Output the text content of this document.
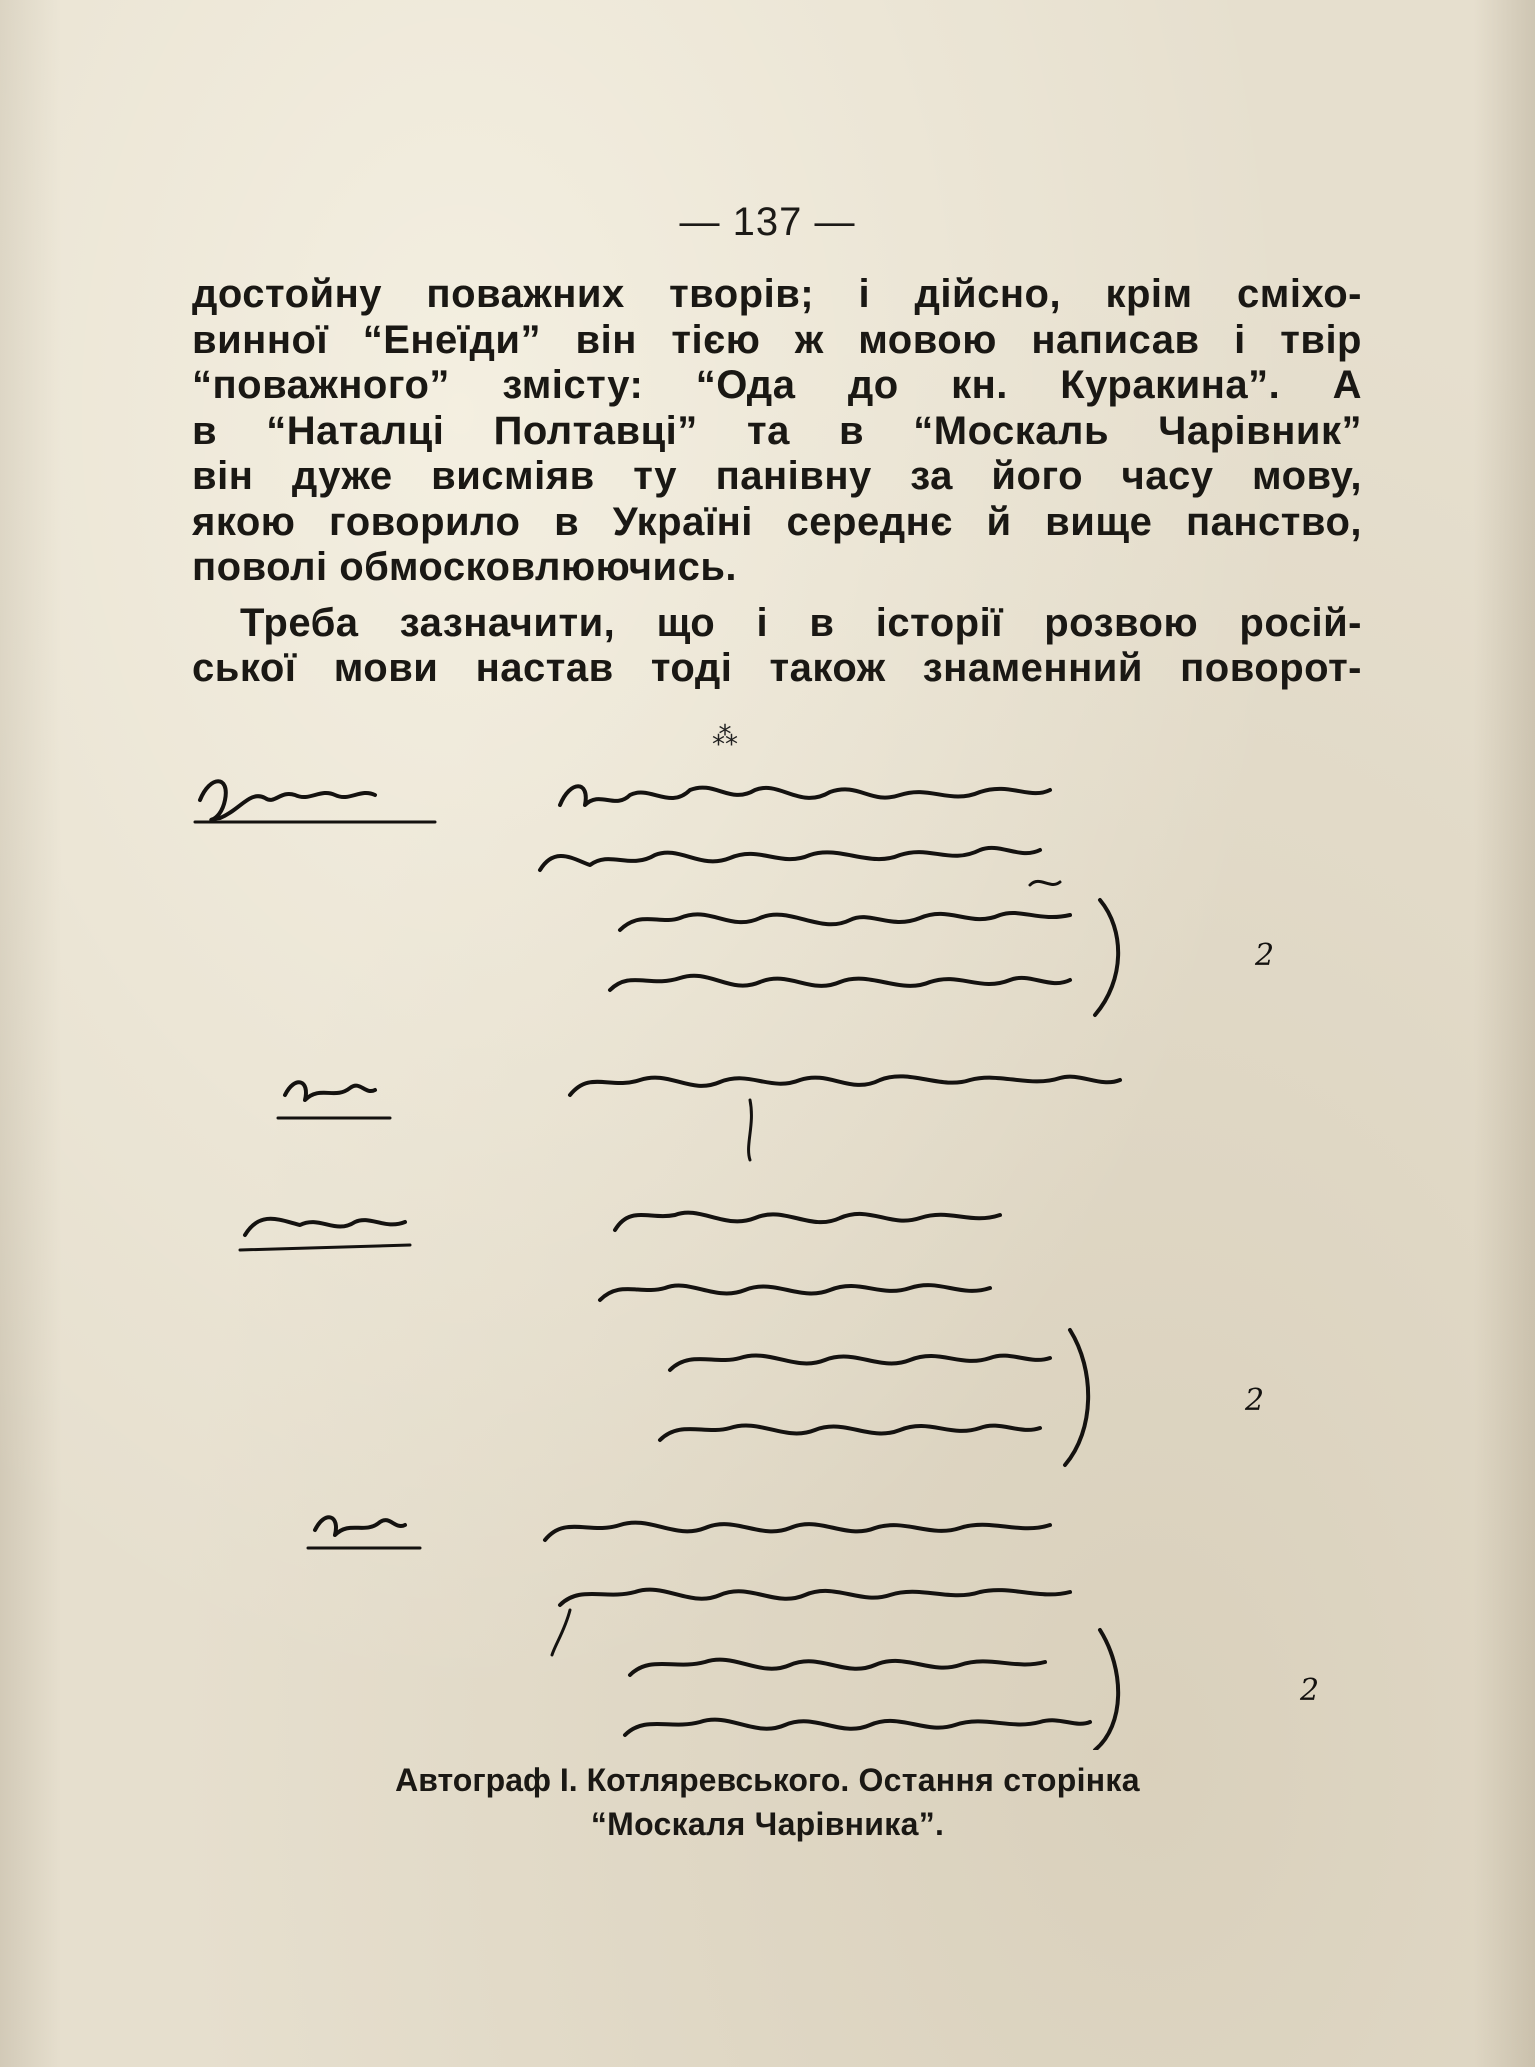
— 137 —
достойну поважних творів; і дійсно, крім сміхо-
винної “Енеїди” він тією ж мовою написав і твір
“поважного” змісту: “Ода до кн. Куракина”. А
в “Наталці Полтавці” та в “Москаль Чарівник”
він дуже висміяв ту панівну за його часу мову,
якою говорило в Україні середнє й вище панство,
поволі обмосковлюючись.
Треба зазначити, що і в історії розвою росій-
ської мови настав тоді також знаменний поворот-
⁂
2
2
2
Автограф І. Котляревського. Остання сторінка
“Москаля Чарівника”.
